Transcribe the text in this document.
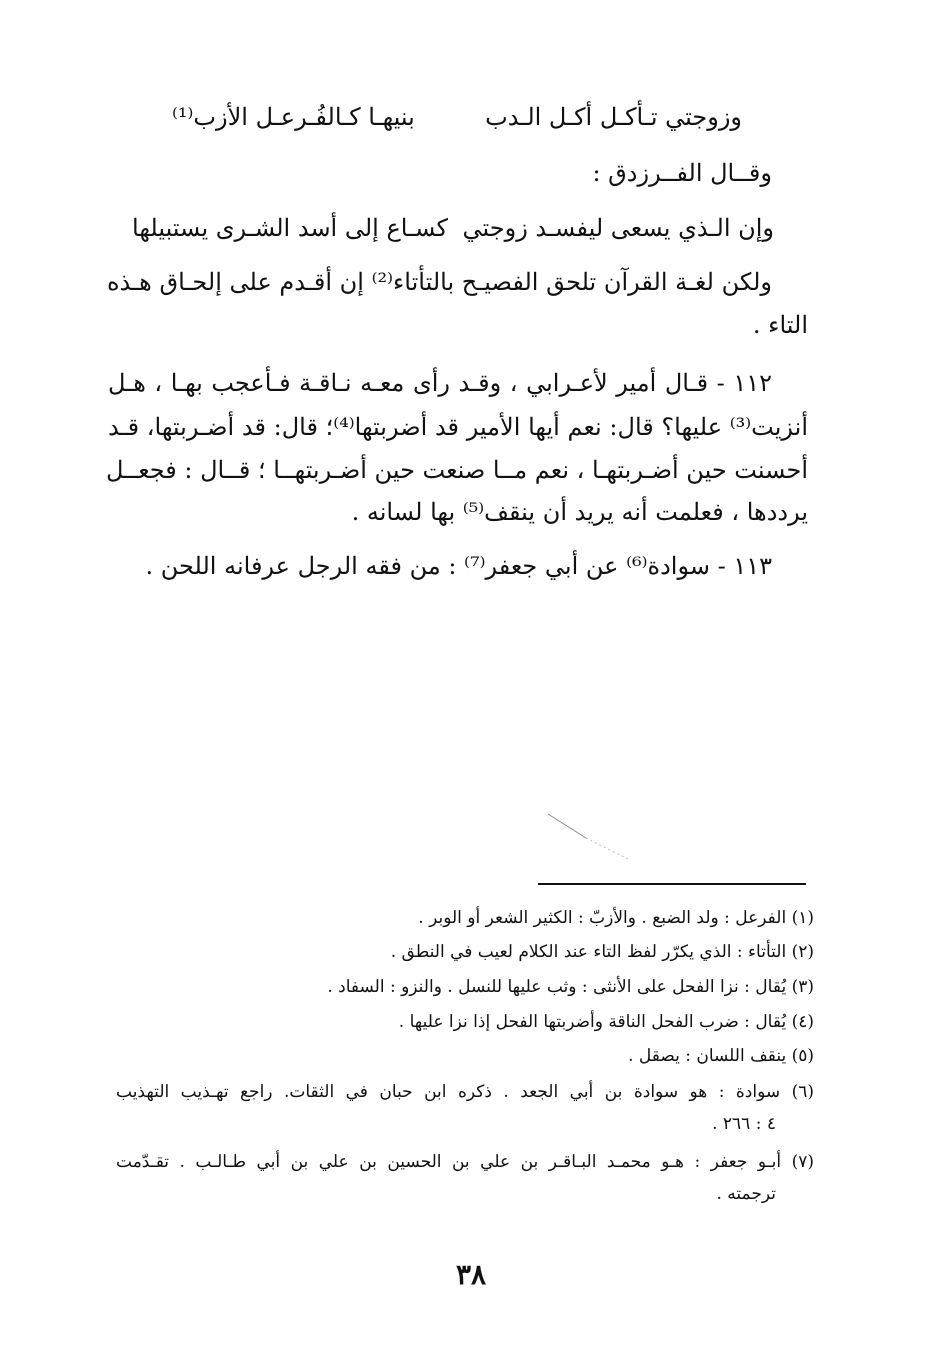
وزوجتي تـأكـل أكـل الـدب
بنيهـا كـالفُـرعـل الأزب⁽¹⁾
وقــال الفــرزدق :
وإن الـذي يسعى ليفسـد زوجتي
كسـاع إلى أسد الشـرى يستبيلها
ولكن لغـة القرآن تلحق الفصيـح بالتأتاء⁽²⁾ إن أقـدم على إلحـاق هـذه
التاء .
١١٢ - قـال أمير لأعـرابي ، وقـد رأى معـه نـاقـة فـأعجب بهـا ، هـل
أنزيت⁽³⁾ عليها؟ قال: نعم أيها الأمير قد أضربتها⁽⁴⁾؛ قال: قد أضـربتها، قـد
أحسنت حين أضـربتهـا ، نعم مــا صنعت حين أضـربتهــا ؛ قــال : فجعــل
يرددها ، فعلمت أنه يريد أن ينقف⁽⁵⁾ بها لسانه .
١١٣ - سوادة⁽⁶⁾ عن أبي جعفر⁽⁷⁾ : من فقه الرجل عرفانه اللحن .
(١) الفرعل : ولد الضبع . والأزبّ : الكثير الشعر أو الوبر .
(٢) التأتاء : الذي يكرّر لفظ التاء عند الكلام لعيب في النطق .
(٣) يُقال : نزا الفحل على الأنثى : وثب عليها للنسل . والنزو : السفاد .
(٤) يُقال : ضرب الفحل الناقة وأضربتها الفحل إذا نزا عليها .
(٥) ينقف اللسان : يصقل .
(٦) سوادة : هو سوادة بن أبي الجعد . ذكره ابن حبان في الثقات. راجع تهـذيب التهذيب
٤ : ٢٦٦ .
(٧) أبـو جعفر : هـو محمـد البـاقـر بن علي بن الحسين بن علي بن أبي طـالـب . تقـدّمت
ترجمته .
٣٨
